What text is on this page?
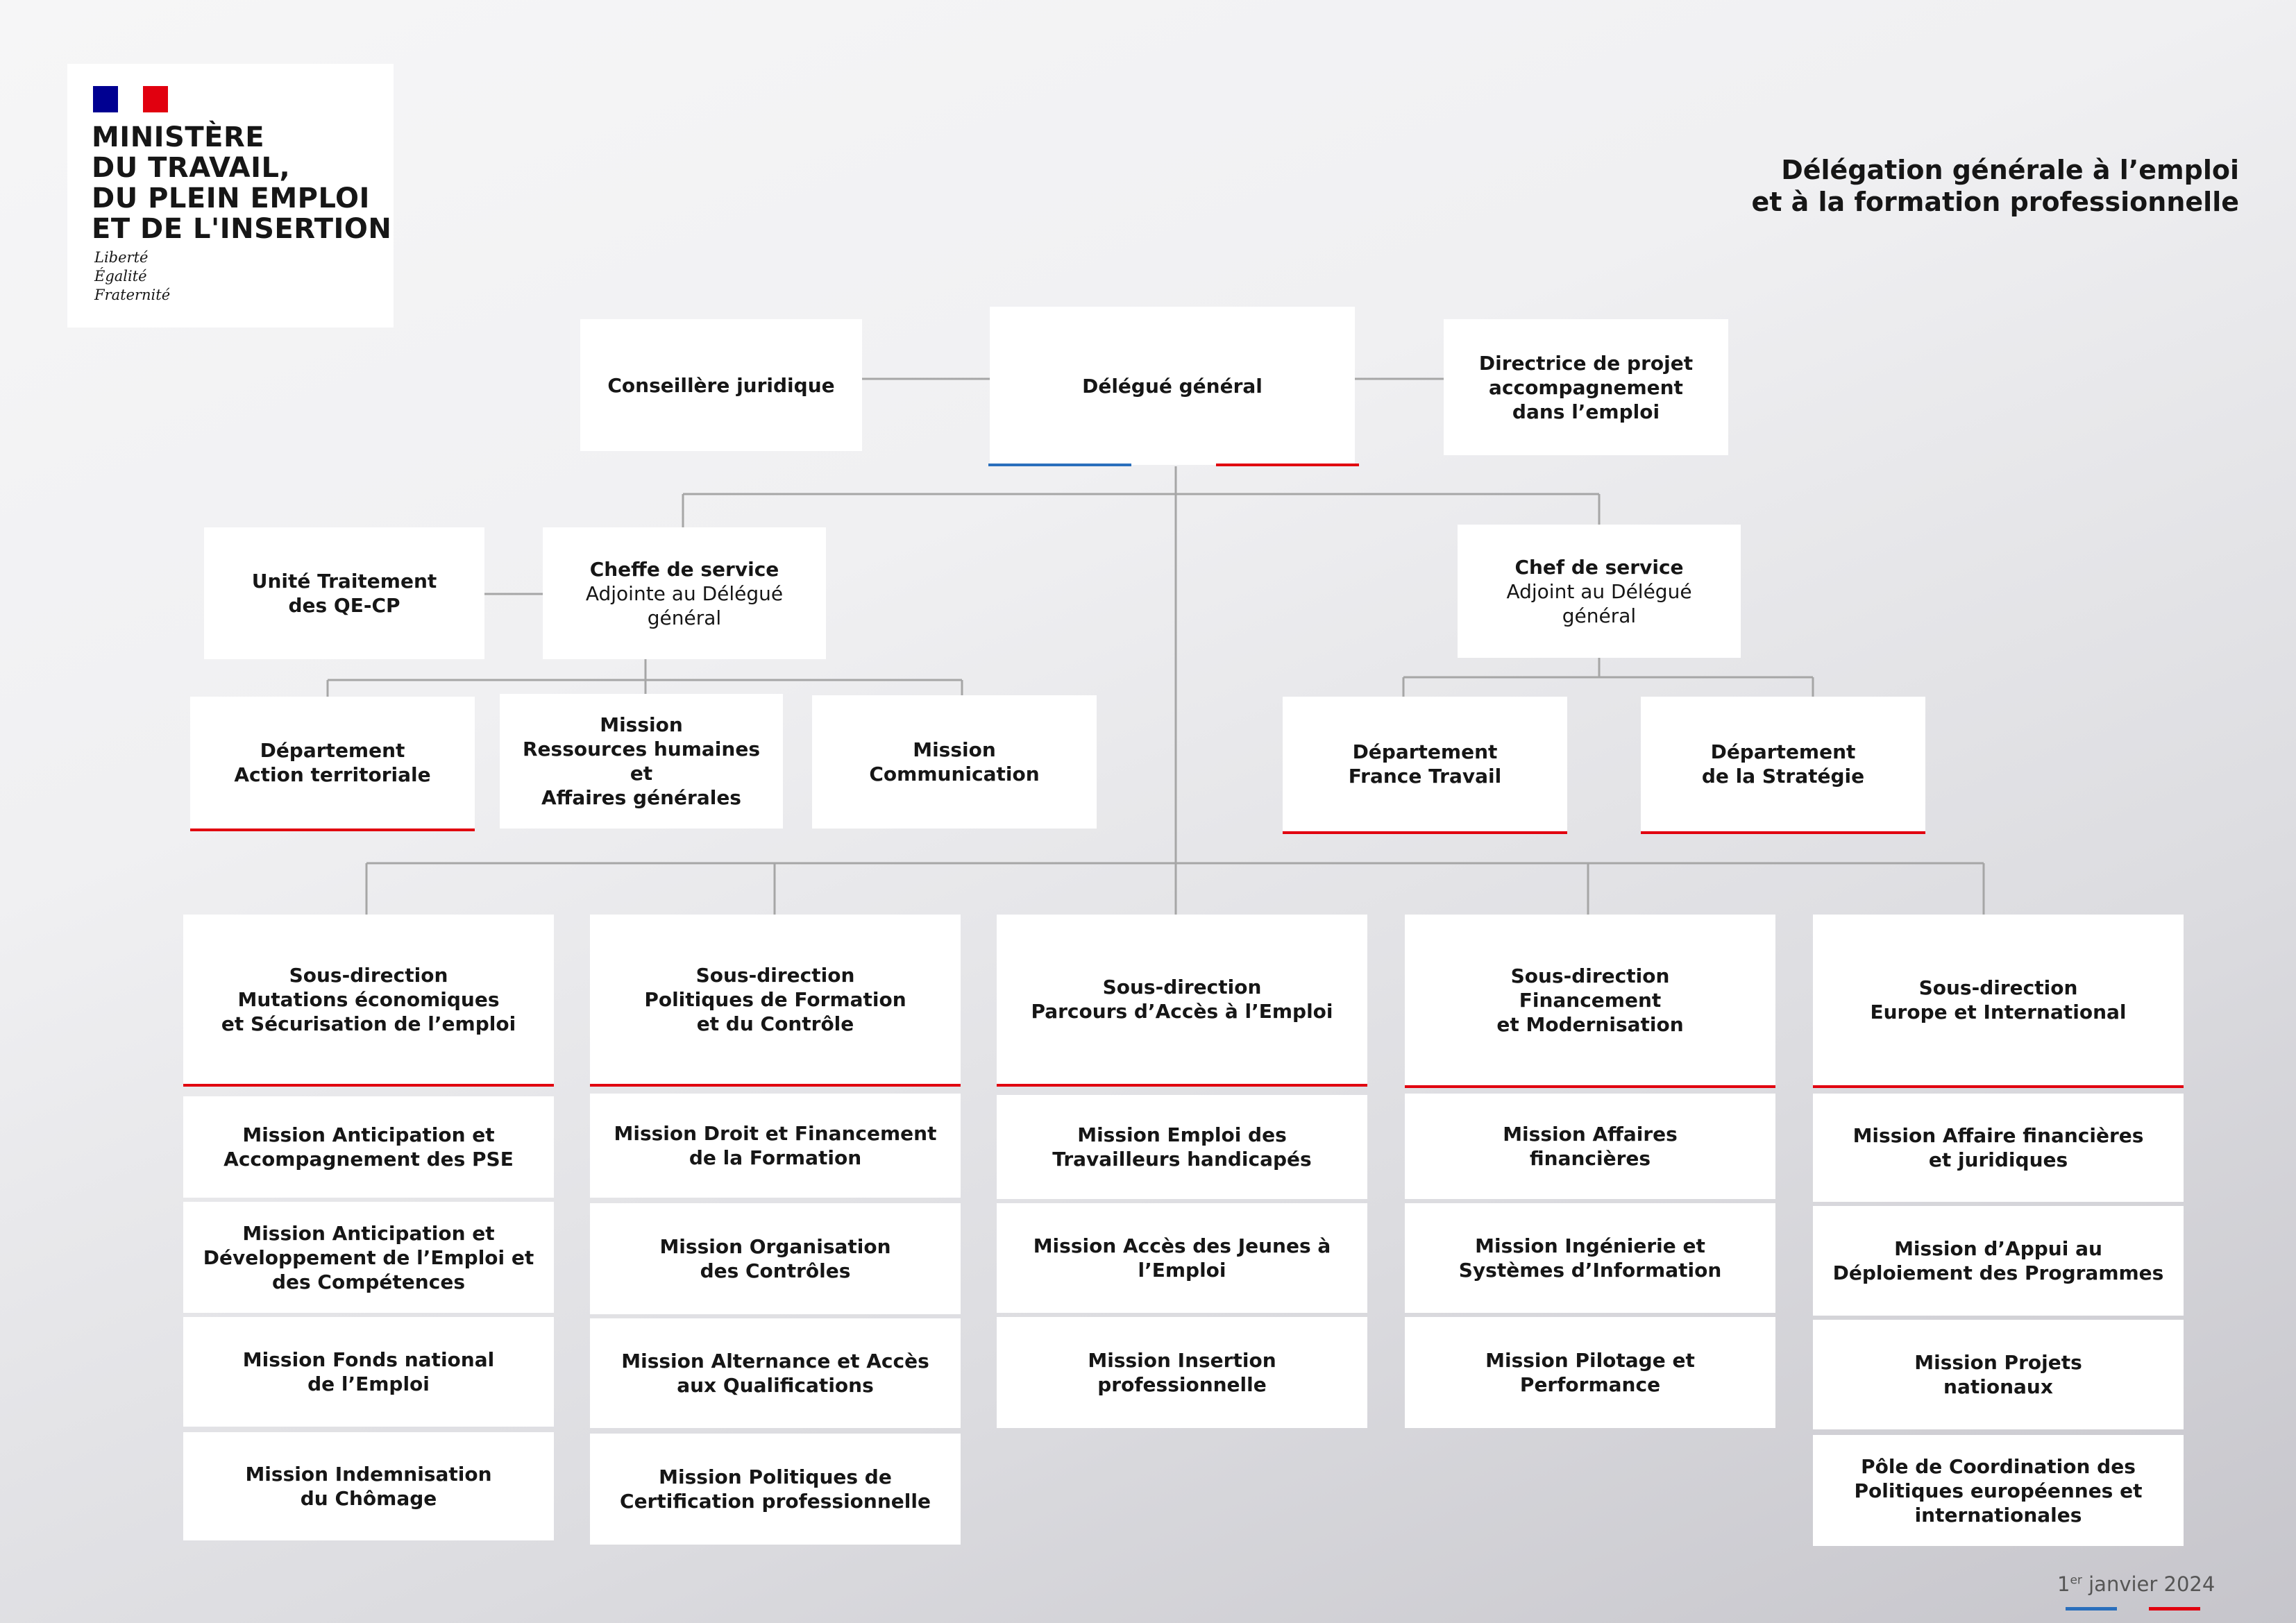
MINISTÈRE
DU TRAVAIL,
DU PLEIN EMPLOI
ET DE L'INSERTION
Liberté
Égalité
Fraternité
Délégation générale à l’emploi
et à la formation professionnelle
Conseillère juridique	Délégué général
Directrice de projet
accompagnement
dans l’emploi
Unité Traitement
des QE-CP
Cheffe de service
Adjointe au Délégué général
Chef de service
Adjoint au Délégué général
Département
Action territoriale
Mission
Ressources humaines et
Affaires générales
Mission
Communication
Département
France Travail
Département
de la Stratégie
Sous-direction
Mutations économiques
et Sécurisation de l’emploi
Mission Anticipation et
Accompagnement des PSE
Mission Anticipation et
Développement de l’Emploi et
des Compétences
Mission Fonds national
de l’Emploi
Mission Indemnisation
du Chômage
Sous-direction
Politiques de Formation
et du Contrôle
Mission Droit et Financement
de la Formation
Mission Organisation
des Contrôles
Mission Alternance et Accès
aux Qualifications
Mission Politiques de
Certification professionnelle
Sous-direction
Parcours d’Accès à l’Emploi
Mission Emploi des
Travailleurs handicapés
Mission Accès des Jeunes à
l’Emploi
Mission Insertion
professionnelle
Sous-direction
Financement
et Modernisation
Mission Affaires
financières
Mission Ingénierie et
Systèmes d’Information
Mission Pilotage et
Performance
Sous-direction
Europe et International
Mission Affaire financières
et juridiques
Mission d’Appui au
Déploiement des Programmes
Mission Projets
nationaux
Pôle de Coordination des
Politiques européennes et
internationales
1er janvier 2024
